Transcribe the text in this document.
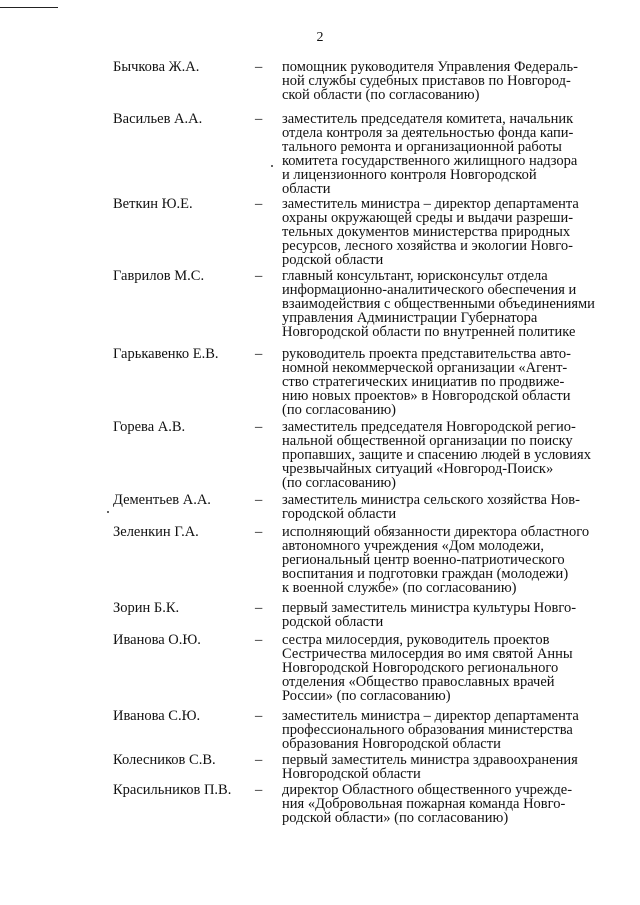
2
Бычкова Ж.А.	– помощник руководителя Управления Федераль-
ной службы судебных приставов по Новгород-
ской области (по согласованию)
Васильев А.А.	– заместитель председателя комитета, начальник
отдела контроля за деятельностью фонда капи-
тального ремонта и организационной работы
комитета государственного жилищного надзора
и лицензионного контроля Новгородской
области
Веткин Ю.Е.	– заместитель министра – директор департамента
охраны окружающей среды и выдачи разреши-
тельных документов министерства природных
ресурсов, лесного хозяйства и экологии Новго-
родской области
Гаврилов М.С.	– главный консультант, юрисконсульт отдела
информационно-аналитического обеспечения и
взаимодействия с общественными объединениями
управления Администрации Губернатора
Новгородской области по внутренней политике
Гарькавенко Е.В.	– руководитель проекта представительства авто-
номной некоммерческой организации «Агент-
ство стратегических инициатив по продвиже-
нию новых проектов» в Новгородской области
(по согласованию)
Горева А.В.	– заместитель председателя Новгородской регио-
нальной общественной организации по поиску
пропавших, защите и спасению людей в условиях
чрезвычайных ситуаций «Новгород-Поиск»
(по согласованию)
Дементьев А.А.	– заместитель министра сельского хозяйства Нов-
городской области
Зеленкин Г.А.	– исполняющий обязанности директора областного
автономного учреждения «Дом молодежи,
региональный центр военно-патриотического
воспитания и подготовки граждан (молодежи)
к военной службе» (по согласованию)
Зорин Б.К.	– первый заместитель министра культуры Новго-
родской области
Иванова О.Ю.	– сестра милосердия, руководитель проектов
Сестричества милосердия во имя святой Анны
Новгородской Новгородского регионального
отделения «Общество православных врачей
России» (по согласованию)
Иванова С.Ю.	– заместитель министра – директор департамента
профессионального образования министерства
образования Новгородской области
Колесников С.В.	– первый заместитель министра здравоохранения
Новгородской области
Красильников П.В. – директор Областного общественного учрежде-
ния «Добровольная пожарная команда Новго-
родской области» (по согласованию)
